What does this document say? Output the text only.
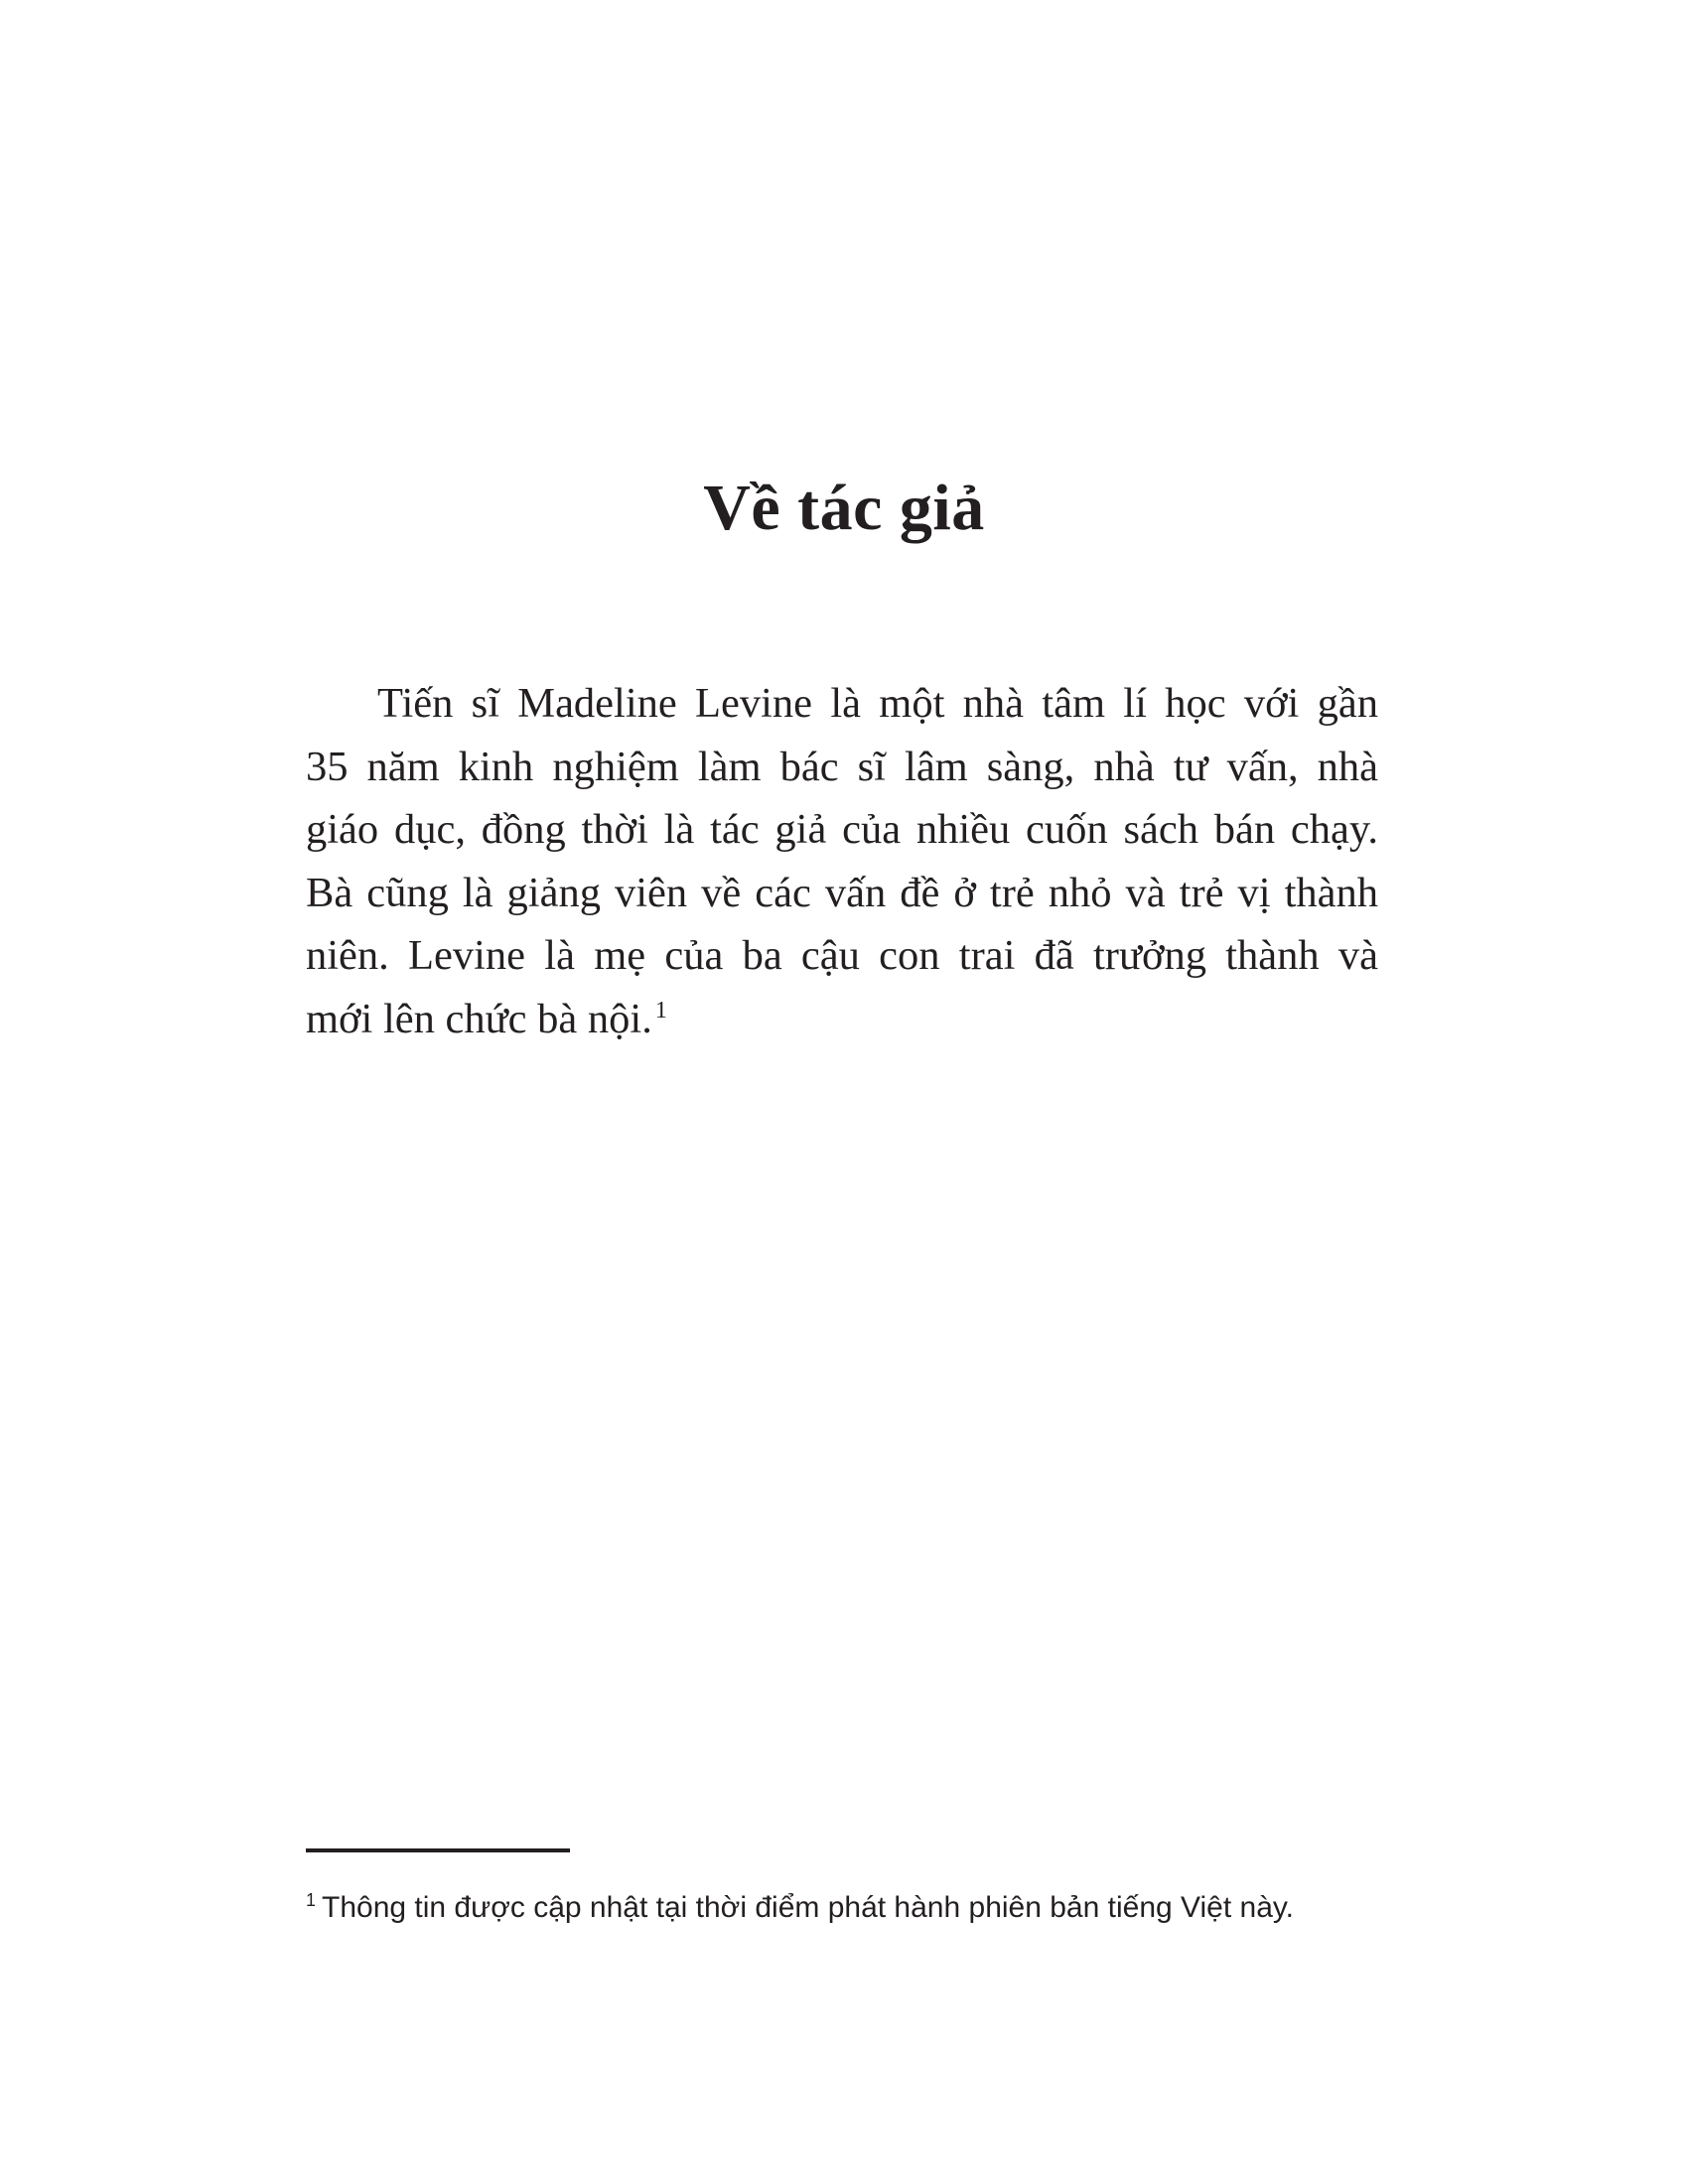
Về tác giả
Tiến sĩ Madeline Levine là một nhà tâm lí học với gần
35 năm kinh nghiệm làm bác sĩ lâm sàng, nhà tư vấn, nhà
giáo dục, đồng thời là tác giả của nhiều cuốn sách bán chạy.
Bà cũng là giảng viên về các vấn đề ở trẻ nhỏ và trẻ vị thành
niên. Levine là mẹ của ba cậu con trai đã trưởng thành và
mới lên chức bà nội. $^1$

$^1$ Thông tin được cập nhật tại thời điểm phát hành phiên bản tiếng Việt này.
